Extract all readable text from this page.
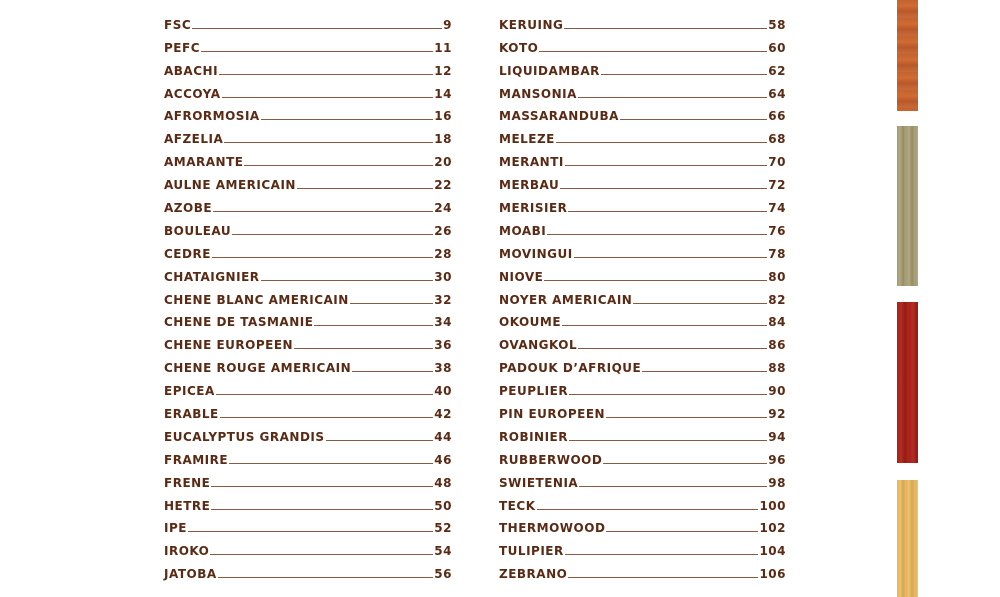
FSC	9
PEFC	11
ABACHI	12
ACCOYA	14
AFRORMOSIA	16
AFZELIA	18
AMARANTE	20
AULNE AMERICAIN	22
AZOBE	24
BOULEAU	26
CEDRE	28
CHATAIGNIER	30
CHENE BLANC AMERICAIN	32
CHENE DE TASMANIE	34
CHENE EUROPEEN	36
CHENE ROUGE AMERICAIN	38
EPICEA	40
ERABLE	42
EUCALYPTUS GRANDIS	44
FRAMIRE	46
FRENE	48
HETRE	50
IPE	52
IROKO	54
JATOBA	56
KERUING	58
KOTO	60
LIQUIDAMBAR	62
MANSONIA	64
MASSARANDUBA	66
MELEZE	68
MERANTI	70
MERBAU	72
MERISIER	74
MOABI	76
MOVINGUI	78
NIOVE	80
NOYER AMERICAIN	82
OKOUME	84
OVANGKOL	86
PADOUK D’AFRIQUE	88
PEUPLIER	90
PIN EUROPEEN	92
ROBINIER	94
RUBBERWOOD	96
SWIETENIA	98
TECK	100
THERMOWOOD	102
TULIPIER	104
ZEBRANO	106
